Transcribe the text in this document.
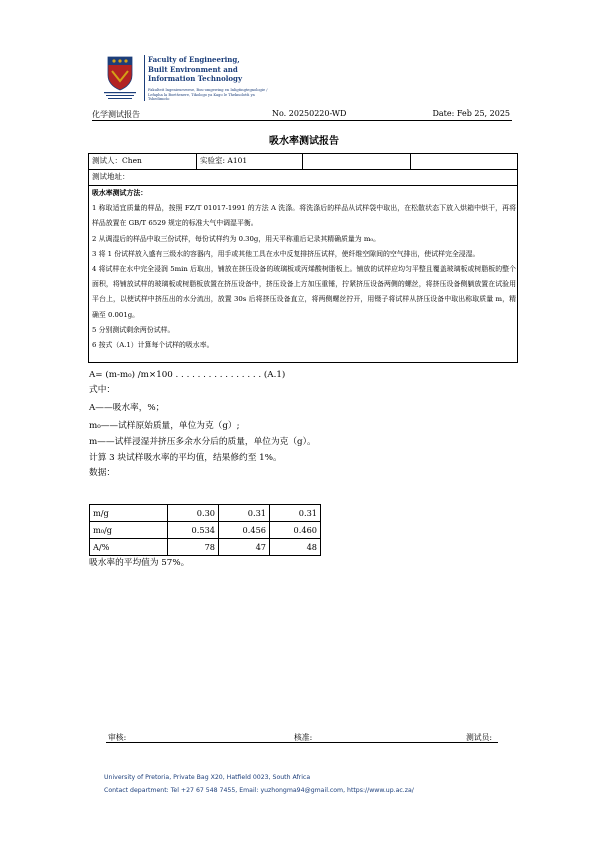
Faculty of Engineering,
Built Environment and
Information Technology
Fakulteit Ingenieurswese, Bou-omgewing en Inligtingtegnologie / Lefapha la Boetšenere, Tikologo ya Kago le Theknolotši ya Tshedimošo
化学测试报告	No. 20250220-WD	Date: Feb 25, 2025
吸水率测试报告
测试人：Chen	实验室: A101
测试地址：

吸水率测试方法：

1 称取适宜质量的样品，按照 FZ/T 01017-1991 的方法 A 洗涤。将洗涤后的样品从试样袋中取出，在松散状态下放入烘箱中烘干，再将样品放置在 GB/T 6529 规定的标准大气中调湿平衡。

2 从调湿后的样品中取三份试样，每份试样约为 0.30g，用天平称重后记录其精确质量为 m₀。

3 将 1 份试样放入盛有三级水的容器内，用手或其他工具在水中反复排挤压试样，使纤维空隙间的空气排出，使试样完全浸湿。

4 将试样在水中完全浸润 5min 后取出，铺放在挤压设备的玻璃板或丙烯酸树脂板上。铺放的试样应均匀平整且覆盖玻璃板或树脂板的整个面积，将铺放试样的玻璃板或树脂板放置在挤压设备中，挤压设备上方加压重锤，拧紧挤压设备两侧的螺丝，将挤压设备侧躺放置在试验用平台上，以使试样中挤压出的水分流出，放置 30s 后将挤压设备直立，将两侧螺丝拧开，用镊子将试样从挤压设备中取出称取质量 m，精确至 0.001g。

5 分别测试剩余两份试样。

6 按式（A.1）计算每个试样的吸水率。

A= (m-m₀) /m×100 . . . . . . . . . . . . . . . . (A.1)
式中：
A——吸水率，%；
m₀——试样原始质量，单位为克（g）;
m——试样浸湿并挤压多余水分后的质量，单位为克（g）。
计算 3 块试样吸水率的平均值，结果修约至 1%。
数据：
m/g	0.30	0.31	0.31
m₀/g	0.534	0.456	0.460
A/%	78	47	48
吸水率的平均值为 57%。
审核:	核准:	测试员:
University of Pretoria, Private Bag X20, Hatfield 0023, South Africa
Contact department: Tel +27 67 548 7455, Email: yuzhongma94@gmail.com, https://www.up.ac.za/
